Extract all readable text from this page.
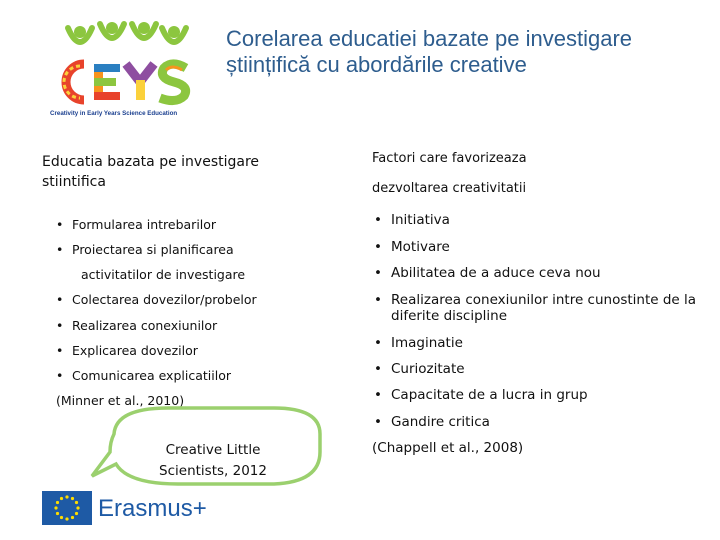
Creativity in Early Years Science Education
Corelarea educatiei bazate pe investigare științifică cu abordările creative
Educatia bazata pe investigare stiintifica
• Formularea intrebarilor
• Proiectarea si planificarea
activitatilor de investigare
• Colectarea dovezilor/probelor
• Realizarea conexiunilor
• Explicarea dovezilor
• Comunicarea explicatiilor
(Minner et al., 2010)
Creative Little
Scientists, 2012
Factori care favorizeaza
dezvoltarea creativitatii
• Initiativa
• Motivare
• Abilitatea de a aduce ceva nou
• Realizarea conexiunilor intre cunostinte de la diferite discipline
• Imaginatie
• Curiozitate
• Capacitate de a lucra in grup
• Gandire critica
(Chappell et al., 2008)
Erasmus+
